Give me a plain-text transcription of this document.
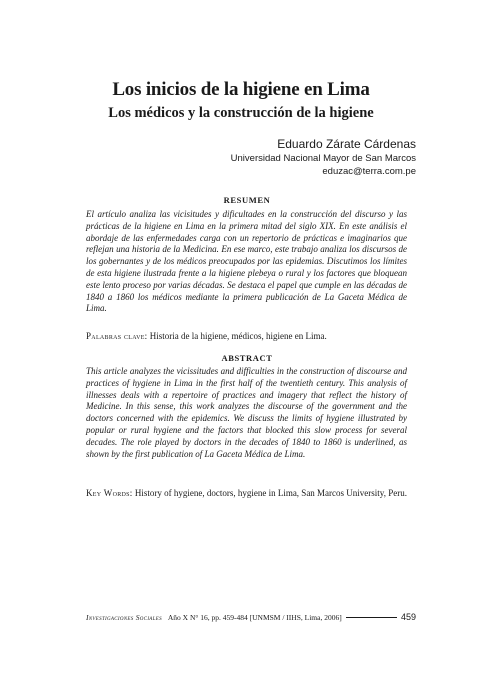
Los inicios de la higiene en Lima
Los médicos y la construcción de la higiene
Eduardo Zárate Cárdenas
Universidad Nacional Mayor de San Marcos
eduzac@terra.com.pe
RESUMEN

El artículo analiza las vicisitudes y dificultades en la construcción del discurso y las prácticas de la higiene en Lima en la primera mitad del siglo XIX. En este análisis el abordaje de las enfermedades carga con un repertorio de prácticas e imaginarios que reflejan una historia de la Medicina. En ese marco, este trabajo analiza los discursos de los gobernantes y de los médicos preocupados por las epidemias. Discutimos los límites de esta higiene ilustrada frente a la higiene plebeya o rural y los factores que bloquean este lento proceso por varias décadas. Se destaca el papel que cumple en las décadas de 1840 a 1860 los médicos mediante la primera publicación de La Gaceta Médica de Lima.

Palabras clave: Historia de la higiene, médicos, higiene en Lima.

ABSTRACT

This article analyzes the vicissitudes and difficulties in the construction of discourse and practices of hygiene in Lima in the first half of the twentieth century. This analysis of illnesses deals with a repertoire of practices and imagery that reflect the history of Medicine. In this sense, this work analyzes the discourse of the government and the doctors concerned with the epidemics. We discuss the limits of hygiene illustrated by popular or rural hygiene and the factors that blocked this slow process for several decades. The role played by doctors in the decades of 1840 to 1860 is underlined, as shown by the first publication of La Gaceta Médica de Lima.

Key Words: History of hygiene, doctors, hygiene in Lima, San Marcos University, Peru.

Investigaciones Sociales Año X N° 16, pp. 459-484 [UNMSM / IIHS, Lima, 2006]	459
